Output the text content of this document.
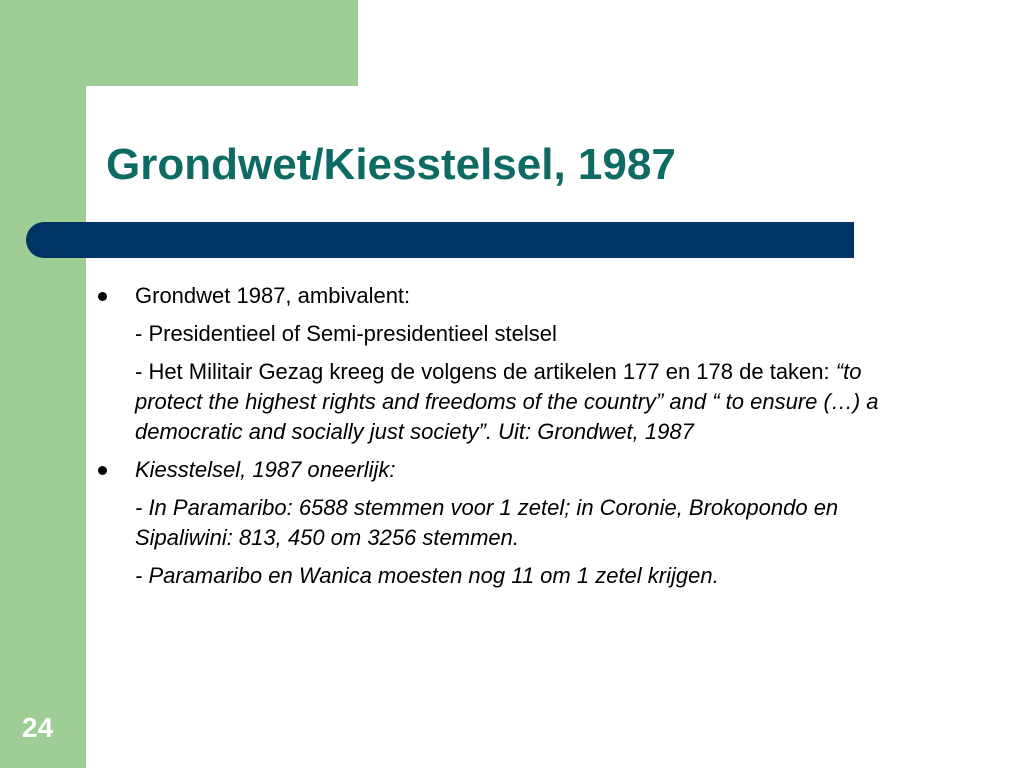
Grondwet/Kiesstelsel, 1987
Grondwet 1987, ambivalent:
- Presidentieel of Semi-presidentieel stelsel
- Het Militair Gezag kreeg de volgens de artikelen 177 en 178 de taken: “to protect the highest rights and freedoms of the country” and “ to ensure (…) a democratic and socially just society”. Uit: Grondwet, 1987
Kiesstelsel, 1987 oneerlijk:
- In Paramaribo: 6588 stemmen voor 1 zetel; in Coronie, Brokopondo en Sipaliwini: 813, 450 om 3256 stemmen.
- Paramaribo en Wanica moesten nog 11 om 1 zetel krijgen.
24
